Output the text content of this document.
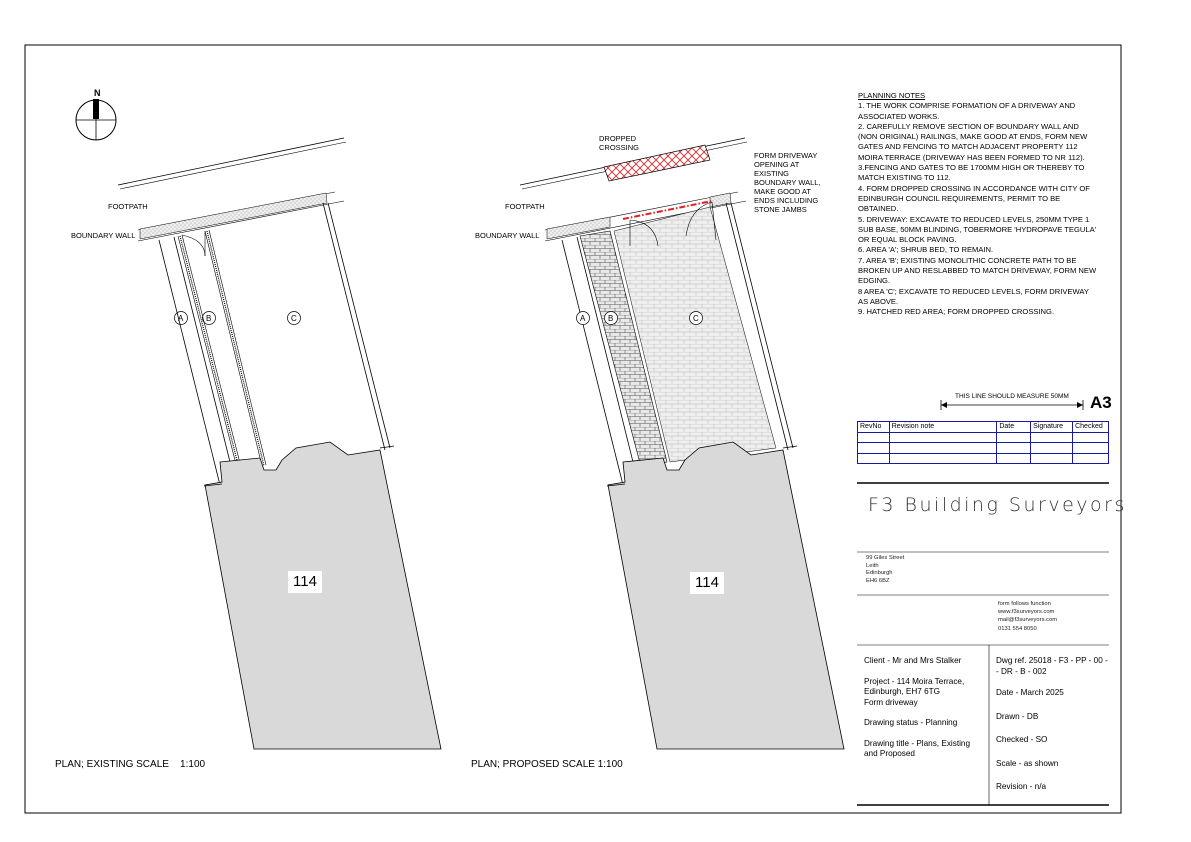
N
FOOTPATH
BOUNDARY WALL
A	B	C
114
PLAN; EXISTING SCALE    1:100
FOOTPATH
BOUNDARY WALL
DROPPED
CROSSING
FORM DRIVEWAY
OPENING AT
EXISTING
BOUNDARY WALL,
MAKE GOOD AT
ENDS INCLUDING
STONE JAMBS
A	B	C
114
PLAN; PROPOSED SCALE 1:100
PLANNING NOTES
1. THE WORK COMPRISE FORMATION OF A DRIVEWAY AND ASSOCIATED WORKS.
2. CAREFULLY REMOVE SECTION OF BOUNDARY WALL AND (NON ORIGINAL) RAILINGS, MAKE GOOD AT ENDS, FORM NEW GATES AND FENCING TO MATCH ADJACENT PROPERTY 112 MOIRA TERRACE (DRIVEWAY HAS BEEN FORMED TO NR 112).
3.FENCING AND GATES TO BE 1700MM HIGH OR THEREBY TO MATCH EXISTING TO 112.
4. FORM DROPPED CROSSING IN ACCORDANCE WITH CITY OF EDINBURGH COUNCIL REQUIREMENTS, PERMIT TO BE OBTAINED.
5. DRIVEWAY: EXCAVATE TO REDUCED LEVELS, 250MM TYPE 1 SUB BASE, 50MM BLINDING, TOBERMORE 'HYDROPAVE TEGULA' OR EQUAL BLOCK PAVING.
6. AREA 'A'; SHRUB BED, TO REMAIN.
7. AREA 'B'; EXISTING MONOLITHIC CONCRETE PATH TO BE BROKEN UP AND RESLABBED TO MATCH DRIVEWAY, FORM NEW EDGING.
8 AREA 'C'; EXCAVATE TO REDUCED LEVELS, FORM DRIVEWAY AS ABOVE.
9. HATCHED RED AREA; FORM DROPPED CROSSING.
THIS LINE SHOULD MEASURE 50MM A3
RevNo	Revision note	Date	Signature	Checked

F3 Building Surveyors
99 Giles Street
Leith
Edinburgh
EH6 6BZ
form follows function
www.f3surveyors.com
mail@f3surveyors.com
0131 554 8050
Client - Mr and Mrs Stalker
Project - 114 Moira Terrace, Edinburgh, EH7 6TG
Form driveway
Drawing status - Planning
Drawing title - Plans, Existing and Proposed
Dwg ref. 25018 - F3 - PP - 00 - - DR - B - 002
Date - March 2025
Drawn - DB
Checked - SO
Scale - as shown
Revision - n/a
